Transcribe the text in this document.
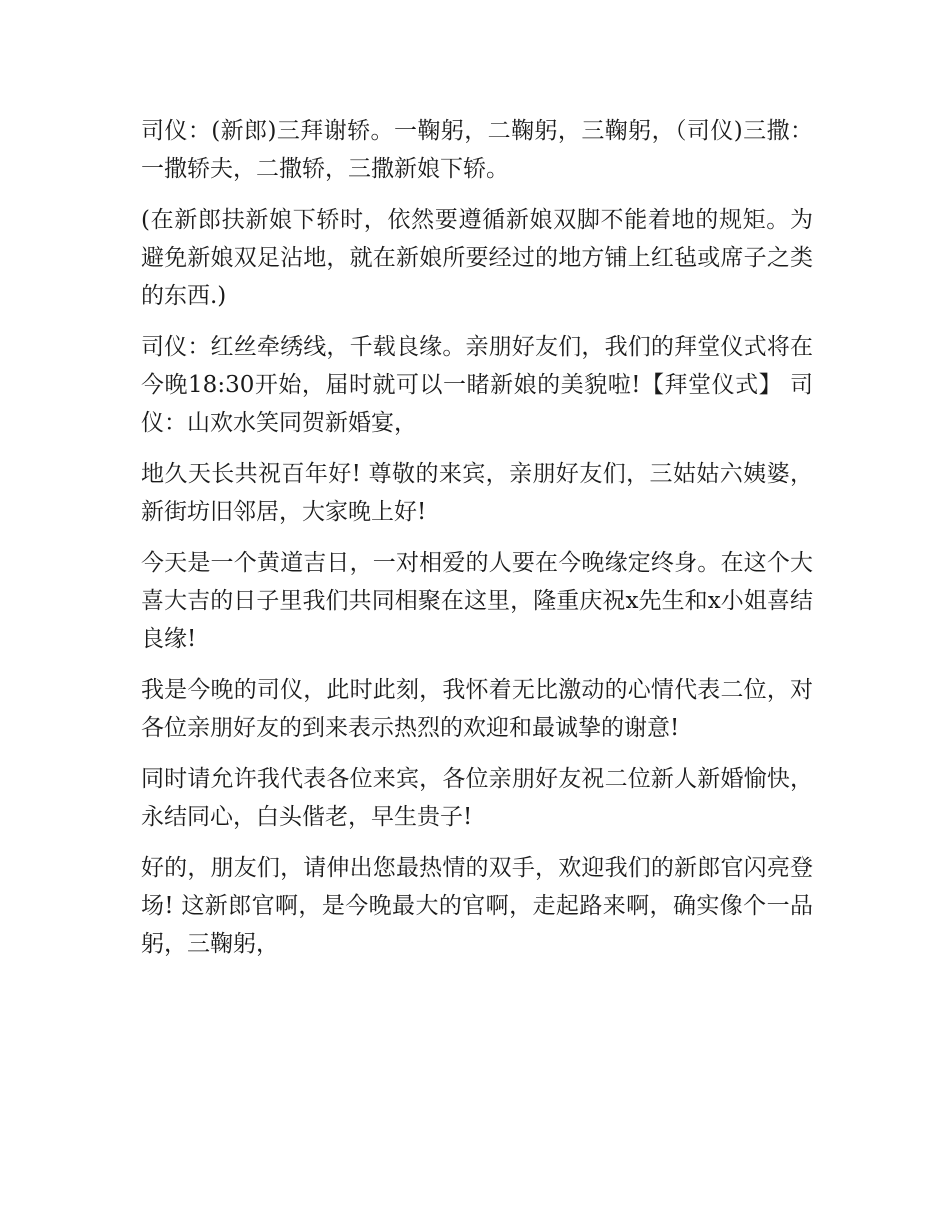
司仪：(新郎)三拜谢轿。一鞠躬，二鞠躬，三鞠躬，（司仪)三撒：一撒轿夫，二撒轿，三撒新娘下轿。

(在新郎扶新娘下轿时，依然要遵循新娘双脚不能着地的规矩。为避免新娘双足沾地，就在新娘所要经过的地方铺上红毡或席子之类的东西.)

司仪：红丝牵绣线，千载良缘。亲朋好友们，我们的拜堂仪式将在今晚18:30开始，届时就可以一睹新娘的美貌啦!【拜堂仪式】 司仪：山欢水笑同贺新婚宴，

地久天长共祝百年好! 尊敬的来宾，亲朋好友们，三姑姑六姨婆，新街坊旧邻居，大家晚上好!

今天是一个黄道吉日，一对相爱的人要在今晚缘定终身。在这个大喜大吉的日子里我们共同相聚在这里，隆重庆祝x先生和x小姐喜结良缘!

我是今晚的司仪，此时此刻，我怀着无比激动的心情代表二位，对各位亲朋好友的到来表示热烈的欢迎和最诚挚的谢意!

同时请允许我代表各位来宾，各位亲朋好友祝二位新人新婚愉快，永结同心，白头偕老，早生贵子!

好的，朋友们，请伸出您最热情的双手，欢迎我们的新郎官闪亮登场! 这新郎官啊，是今晚最大的官啊，走起路来啊，确实像个一品躬，三鞠躬，
